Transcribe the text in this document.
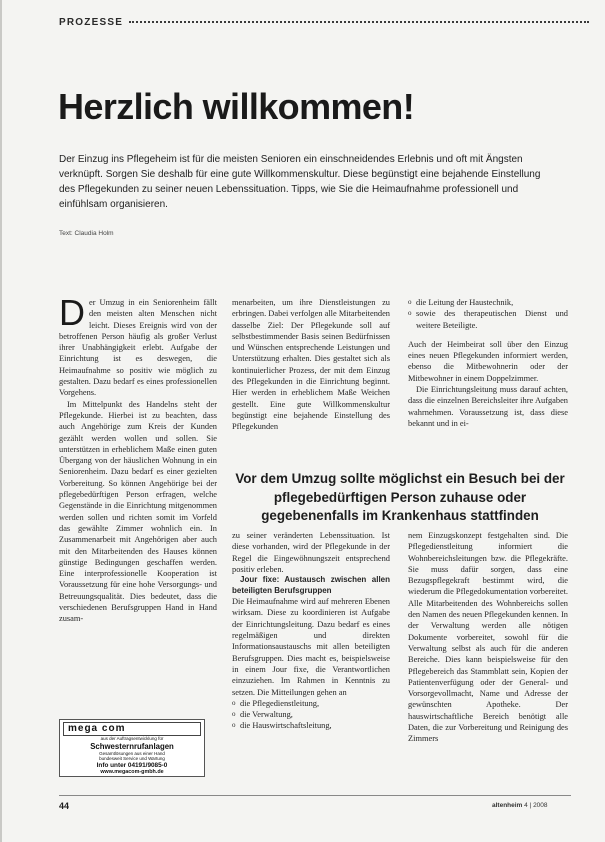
PROZESSE
Herzlich willkommen!

Der Einzug ins Pflegeheim ist für die meisten Senioren ein einschneidendes Erlebnis und oft mit Ängsten verknüpft. Sorgen Sie deshalb für eine gute Willkommenskultur. Diese begünstigt eine bejahende Einstellung des Pflegekunden zu seiner neuen Lebenssituation. Tipps, wie Sie die Heimaufnahme professionell und einfühlsam organisieren.

Text: Claudia Holm
D er Umzug in ein Seniorenheim fällt den meisten alten Menschen nicht leicht. Dieses Ereignis wird von der betroffenen Person häufig als großer Verlust ihrer Unabhängigkeit erlebt. Aufgabe der Einrichtung ist es deswegen, die Heimaufnahme so positiv wie möglich zu gestalten. Dazu bedarf es eines professionellen Vorgehens.

Im Mittelpunkt des Handelns steht der Pflegekunde. Hierbei ist zu beachten, dass auch Angehörige zum Kreis der Kunden gezählt werden wollen und sollen. Sie unterstützen in erheblichem Maße einen guten Übergang von der häuslichen Wohnung in ein Seniorenheim. Dazu bedarf es einer gezielten Vorbereitung. So können Angehörige bei der pflegebedürftigen Person erfragen, welche Gegenstände in die Einrichtung mitgenommen werden sollen und richten somit im Vorfeld das gewählte Zimmer wohnlich ein. In Zusammenarbeit mit Angehörigen aber auch mit den Mitarbeitenden des Hauses können günstige Bedingungen geschaffen werden. Eine interprofessionelle Kooperation ist Voraussetzung für eine hohe Versorgungs- und Betreuungsqualität. Dies bedeutet, dass die verschiedenen Berufsgruppen Hand in Hand zusam-

menarbeiten, um ihre Dienstleistungen zu erbringen. Dabei verfolgen alle Mitarbeitenden dasselbe Ziel: Der Pflegekunde soll auf selbstbestimmender Basis seinen Bedürfnissen und Wünschen entsprechende Leistungen und Unterstützung erhalten. Dies gestaltet sich als kontinuierlicher Prozess, der mit dem Einzug des Pflegekunden in die Einrichtung beginnt. Hier werden in erheblichem Maße Weichen gestellt. Eine gute Willkommenskultur begünstigt eine bejahende Einstellung des Pflegekunden

o die Leitung der Haustechnik,
o sowie des therapeutischen Dienst und weitere Beteiligte.

Auch der Heimbeirat soll über den Einzug eines neuen Pflegekunden informiert werden, ebenso die Mitbewohnerin oder der Mitbewohner in einem Doppelzimmer.

Die Einrichtungsleitung muss darauf achten, dass die einzelnen Bereichsleiter ihre Aufgaben wahrnehmen. Voraussetzung ist, dass diese bekannt und in ei-

Vor dem Umzug sollte möglichst ein Besuch bei der pflegebedürftigen Person zuhause oder gegebenenfalls im Krankenhaus stattfinden

zu seiner veränderten Lebenssituation. Ist diese vorhanden, wird der Pflegekunde in der Regel die Eingewöhnungszeit entsprechend positiv erleben.

Jour fixe: Austausch zwischen allen beteiligten Berufsgruppen

Die Heimaufnahme wird auf mehreren Ebenen wirksam. Diese zu koordinieren ist Aufgabe der Einrichtungsleitung. Dazu bedarf es eines regelmäßigen und direkten Informationsaustauschs mit allen beteiligten Berufsgruppen. Dies macht es, beispielsweise in einem Jour fixe, die Verantwortlichen einzuziehen. Im Rahmen in Kenntnis zu setzen. Die Mitteilungen gehen an

o die Pflegedienstleitung,
o die Verwaltung,
o die Hauswirtschaftsleitung,

nem Einzugskonzept festgehalten sind. Die Pflegedienstleitung informiert die Wohnbereichsleitungen bzw. die Pflegekräfte. Sie muss dafür sorgen, dass eine Bezugspflegekraft bestimmt wird, die wiederum die Pflegedokumentation vorbereitet. Alle Mitarbeitenden des Wohnbereichs sollen den Namen des neuen Pflegekunden kennen. In der Verwaltung werden alle nötigen Dokumente vorbereitet, sowohl für die Verwaltung selbst als auch für die anderen Bereiche. Dies kann beispielsweise für den Pflegebereich das Stammblatt sein, Kopien der Patientenverfügung oder der General- und Vorsorgevollmacht, Name und Adresse der gewünschten Apotheke. Der hauswirtschaftliche Bereich benötigt alle Daten, die zur Vorbereitung und Reinigung des Zimmers

mega com
aus der Auftragsentwicklung für
Schwesternrufanlagen
Gesamtlösungen aus einer Hand
bundesweit Service und Wartung
Info unter 04191/9085-0
www.megacom-gmbh.de
44	altenheim 4 | 2008
